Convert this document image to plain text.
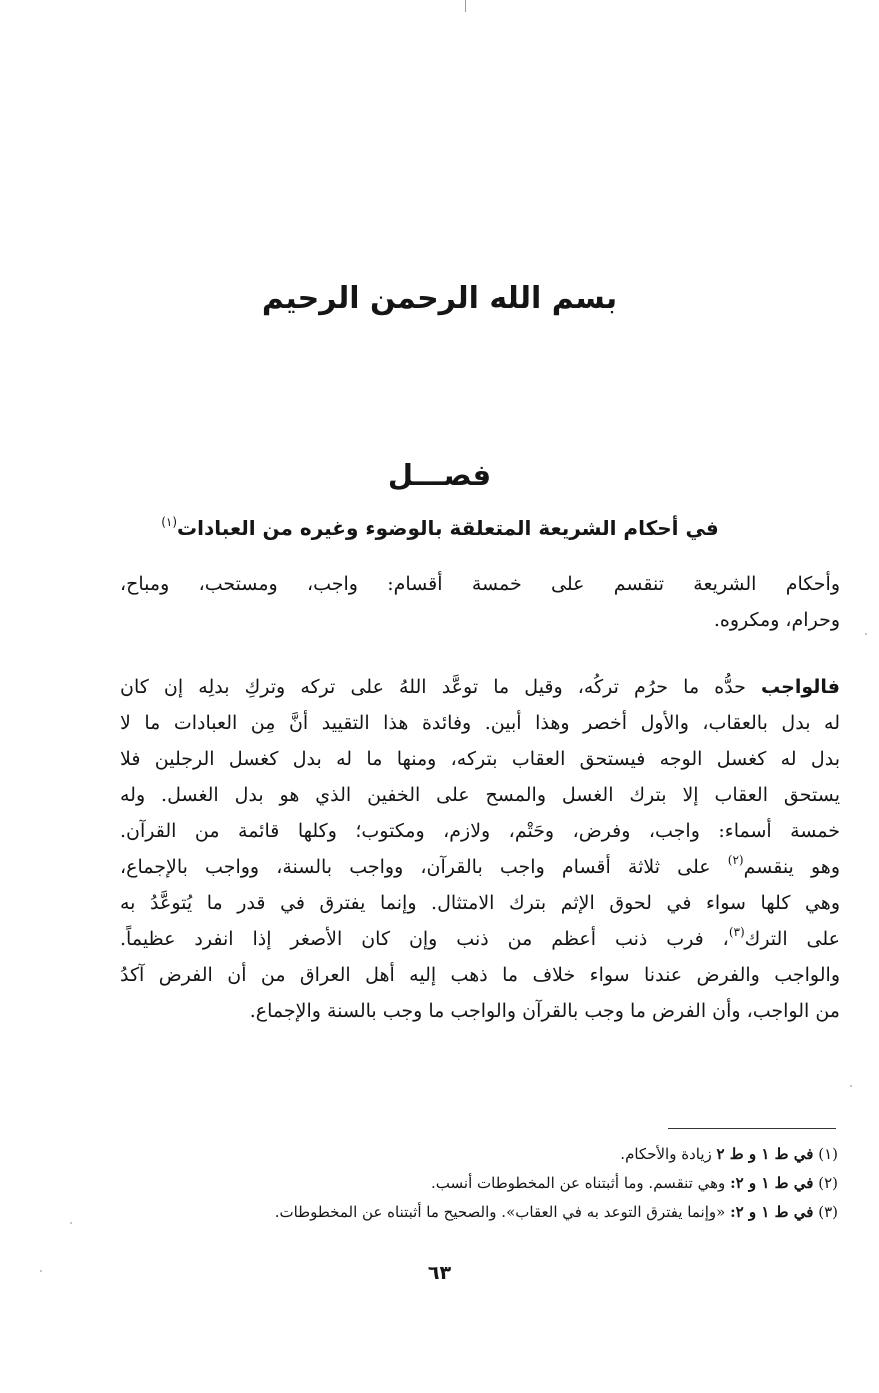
بسم الله الرحمن الرحيم
فصـــل
في أحكام الشريعة المتعلقة بالوضوء وغيره من العبادات$^{(١)}$
وأحكام الشريعة تنقسم على خمسة أقسام: واجب، ومستحب، ومباح،
وحرام، ومكروه.
فالواجب حدُّه ما حرُم تركُه، وقيل ما توعَّد اللهُ على تركه وتركِ بدلِه إن كان
له بدل بالعقاب، والأول أخصر وهذا أبين. وفائدة هذا التقييد أنَّ مِن العبادات ما لا
بدل له كغسل الوجه فيستحق العقاب بتركه، ومنها ما له بدل كغسل الرجلين فلا
يستحق العقاب إلا بترك الغسل والمسح على الخفين الذي هو بدل الغسل. وله
خمسة أسماء: واجب، وفرض، وحَتْم، ولازم، ومكتوب؛ وكلها قائمة من القرآن.
وهو ينقسم$^{(٢)}$ على ثلاثة أقسام واجب بالقرآن، وواجب بالسنة، وواجب بالإجماع،
وهي كلها سواء في لحوق الإثم بترك الامتثال. وإنما يفترق في قدر ما يُتوعَّدُ به
على الترك$^{(٣)}$، فرب ذنب أعظم من ذنب وإن كان الأصغر إذا انفرد عظيماً.
والواجب والفرض عندنا سواء خلاف ما ذهب إليه أهل العراق من أن الفرض آكدُ
من الواجب، وأن الفرض ما وجب بالقرآن والواجب ما وجب بالسنة والإجماع.
(١) في ط ١ و ط ٢ زيادة والأحكام.
(٢) في ط ١ و ٢: وهي تنقسم. وما أثبتناه عن المخطوطات أنسب.
(٣) في ط ١ و ٢: «وإنما يفترق التوعد به في العقاب». والصحيح ما أثبتناه عن المخطوطات.
٦٣
